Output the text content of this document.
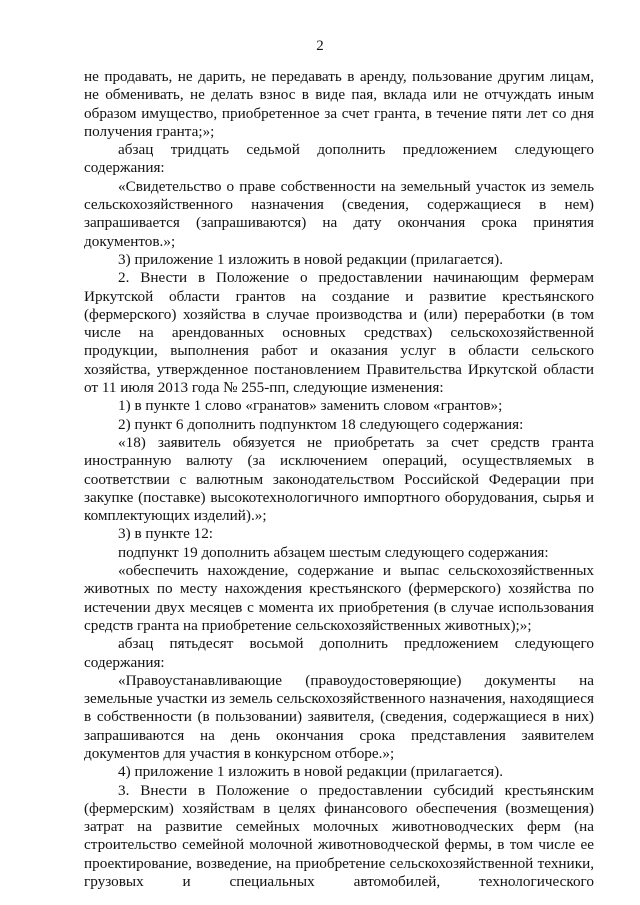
2

не продавать, не дарить, не передавать в аренду, пользование другим лицам, не обменивать, не делать взнос в виде пая, вклада или не отчуждать иным образом имущество, приобретенное за счет гранта, в течение пяти лет со дня получения гранта;»;

абзац тридцать седьмой дополнить предложением следующего содержания:

«Свидетельство о праве собственности на земельный участок из земель сельскохозяйственного назначения (сведения, содержащиеся в нем) запрашивается (запрашиваются) на дату окончания срока принятия документов.»;

3) приложение 1 изложить в новой редакции (прилагается).

2. Внести в Положение о предоставлении начинающим фермерам Иркутской области грантов на создание и развитие крестьянского (фермерского) хозяйства в случае производства и (или) переработки (в том числе на арендованных основных средствах) сельскохозяйственной продукции, выполнения работ и оказания услуг в области сельского хозяйства, утвержденное постановлением Правительства Иркутской области от 11 июля 2013 года № 255-пп, следующие изменения:

1) в пункте 1 слово «гранатов» заменить словом «грантов»;

2) пункт 6 дополнить подпунктом 18 следующего содержания:

«18) заявитель обязуется не приобретать за счет средств гранта иностранную валюту (за исключением операций, осуществляемых в соответствии с валютным законодательством Российской Федерации при закупке (поставке) высокотехнологичного импортного оборудования, сырья и комплектующих изделий).»;

3) в пункте 12:

подпункт 19 дополнить абзацем шестым следующего содержания:

«обеспечить нахождение, содержание и выпас сельскохозяйственных животных по месту нахождения крестьянского (фермерского) хозяйства по истечении двух месяцев с момента их приобретения (в случае использования средств гранта на приобретение сельскохозяйственных животных);»;

абзац пятьдесят восьмой дополнить предложением следующего содержания:

«Правоустанавливающие (правоудостоверяющие) документы на земельные участки из земель сельскохозяйственного назначения, находящиеся в собственности (в пользовании) заявителя, (сведения, содержащиеся в них) запрашиваются на день окончания срока представления заявителем документов для участия в конкурсном отборе.»;

4) приложение 1 изложить в новой редакции (прилагается).

3. Внести в Положение о предоставлении субсидий крестьянским (фермерским) хозяйствам в целях финансового обеспечения (возмещения) затрат на развитие семейных молочных животноводческих ферм (на строительство семейной молочной животноводческой фермы, в том числе ее проектирование, возведение, на приобретение сельскохозяйственной техники, грузовых и специальных автомобилей, технологического
